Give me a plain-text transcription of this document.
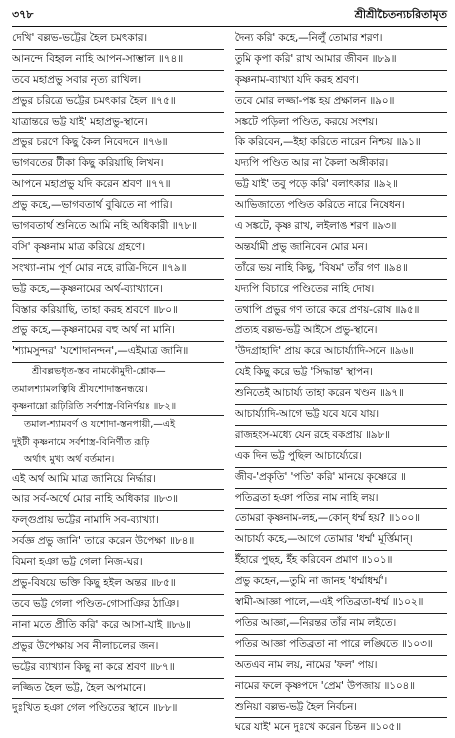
৩৭৮	শ্রীশ্রীচৈতন্যচরিতামৃত
দেখি' বল্লভ-ভট্টের হৈল চমৎকার।
আনন্দে বিহ্বল নাহি আপন-সাম্ভাল ॥৭৪॥
তবে মহাপ্রভু সবার নৃত্য রাখিল।
প্রভুর চরিত্রে ভট্টের চমৎকার হৈল ॥৭৫॥
যাত্রান্তরে ভট্ট যাই' মহাপ্রভু-স্থানে।
প্রভুর চরণে কিছু কৈল নিবেদনে ॥৭৬॥
ভাগবতের টীকা কিছু করিয়াছি লিখন।
আপনে মহাপ্রভু যদি করেন শ্রবণ ॥৭৭॥
প্রভু কহে,—ভাগবতার্থ বুঝিতে না পারি।
ভাগবতার্থ শুনিতে আমি নহি অধিকারী ॥৭৮॥
বসি' কৃষ্ণনাম মাত্র করিয়ে গ্রহণে।
সংখ্যা-নাম পূর্ণ মোর নহে রাত্রি-দিনে ॥৭৯॥
ভট্ট কহে,—কৃষ্ণনামের অর্থ-ব্যাখ্যানে।
বিস্তার করিয়াছি, তাহা করহ শ্রবণে ॥৮০॥
প্রভু কহে,—কৃষ্ণনামের বহু অর্থ না মানি।
'শ্যামসুন্দর' 'যশোদানন্দন',—এইমাত্র জানি॥
শ্রীবল্লভধৃত-স্তব নামকৌমুদী-শ্লোক—
তমালশ্যামলত্বিষি শ্রীযশোদাস্তনন্ধয়ে।
কৃষ্ণনাম্নো রূঢ়িরিতি সর্বশাস্ত্র-বিনির্ণয়ঃ ॥৮২॥
তমাল-শ্যামবর্ণ ও যশোদা-স্তনপায়ী,—এই
দুইটী কৃষ্ণনামে সর্বশাস্ত্র-বিনির্ণীত রূঢ়ি
অর্থাৎ মুখ্য অর্থ বর্তমান।
এই অর্থ আমি মাত্র জানিয়ে নির্দ্ধার।
আর সর্ব-অর্থে মোর নাহি অধিকার ॥৮৩॥
ফল্গুপ্রায় ভট্টের নামাদি সব-ব্যাখ্যা।
সর্বজ্ঞ প্রভু জানি' তারে করেন উপেক্ষা ॥৮৪॥
বিমনা হঞা ভট্ট গেলা নিজ-ঘর।
প্রভু-বিষয়ে ভক্তি কিছু হইল অন্তর ॥৮৫॥
তবে ভট্ট গেলা পণ্ডিত-গোসাঞির ঠাঞি।
নানা মতে প্রীতি করি' করে আসা-যাই ॥৮৬॥
প্রভুর উপেক্ষায় সব নীলাচলের জন।
ভট্টের ব্যাখ্যান কিছু না করে শ্রবণ ॥৮৭॥
লজ্জিত হৈল ভট্ট, হৈল অপমানে।
দুঃখিত হঞা গেল পণ্ডিতের স্থানে ॥৮৮॥
দৈন্য করি' কহে,—নিলুঁ তোমার শরণ।
তুমি কৃপা করি' রাখ আমার জীবন ॥৮৯॥
কৃষ্ণনাম-ব্যাখ্যা যদি করহ শ্রবণ।
তবে মোর লজ্জা-পঙ্ক হয় প্রক্ষালন ॥৯০॥
সঙ্কটে পড়িলা পণ্ডিত, করয়ে সংশয়।
কি করিবেন,—ইহা করিতে নারেন নিশ্চয় ॥৯১॥
যদ্যপি পণ্ডিত আর না কৈলা অঙ্গীকার।
ভট্ট যাই' তবু পড়ে করি' বলাৎকার ॥৯২॥
আভিজাত্যে পণ্ডিত করিতে নারে নিষেধন।
এ সঙ্কটে, কৃষ্ণ রাখ, লইলাঙ শরণ ॥৯৩॥
অন্তর্যামী প্রভু জানিবেন মোর মন।
তাঁরে ভয় নাহি কিছু, 'বিষম' তাঁর গণ ॥৯৪॥
যদ্যপি বিচারে পণ্ডিতের নাহি দোষ।
তথাপি প্রভুর গণ তারে করে প্রণয়-রোষ ॥৯৫॥
প্রত্যহ বল্লভ-ভট্ট আইসে প্রভু-স্থানে।
'উদগ্রাহাদি' প্রায় করে আচার্য্যাদি-সনে ॥৯৬॥
যেই কিছু করে ভট্ট 'সিদ্ধান্ত' স্থাপন।
শুনিতেই আচার্য্য তাহা করেন খণ্ডন ॥৯৭॥
আচার্য্যাদি-আগে ভট্ট যবে যবে যায়।
রাজহংস-মধ্যে যেন রহে বকপ্রায় ॥৯৮॥
এক দিন ভট্ট পুছিল আচার্য্যেরে।
জীব-'প্রকৃতি' 'পতি' করি' মানয়ে কৃষ্ণেরে ॥
পতিব্রতা হঞা পতির নাম নাহি লয়।
তোমরা কৃষ্ণনাম-লহ,—কোন্ ধর্ম্ম হয়? ॥১০০॥
আচার্য্য কহে,—আগে তোমার 'ধর্ম্ম' মূর্ত্তিমান্।
ইঁহারে পুছহ, ইঁহ করিবেন প্রমাণ ॥১০১॥
প্রভু কহেন,—তুমি না জানহ 'ধর্ম্মাধর্ম্ম'।
স্বামী-আজ্ঞা পালে,—এই পতিব্রতা-ধর্ম্ম ॥১০২॥
পতির আজ্ঞা,—নিরন্তর তাঁর নাম লইতে।
পতির আজ্ঞা পতিব্রতা না পারে লঙ্ঘিতে ॥১০৩॥
অতএব নাম লয়, নামের 'ফল' পায়।
নামের ফলে কৃষ্ণপদে 'প্রেম' উপজায় ॥১০৪॥
শুনিয়া বল্লভ-ভট্ট হৈল নির্বচন।
ঘরে যাই' মনে দুঃখে করেন চিন্তন ॥১০৫॥
